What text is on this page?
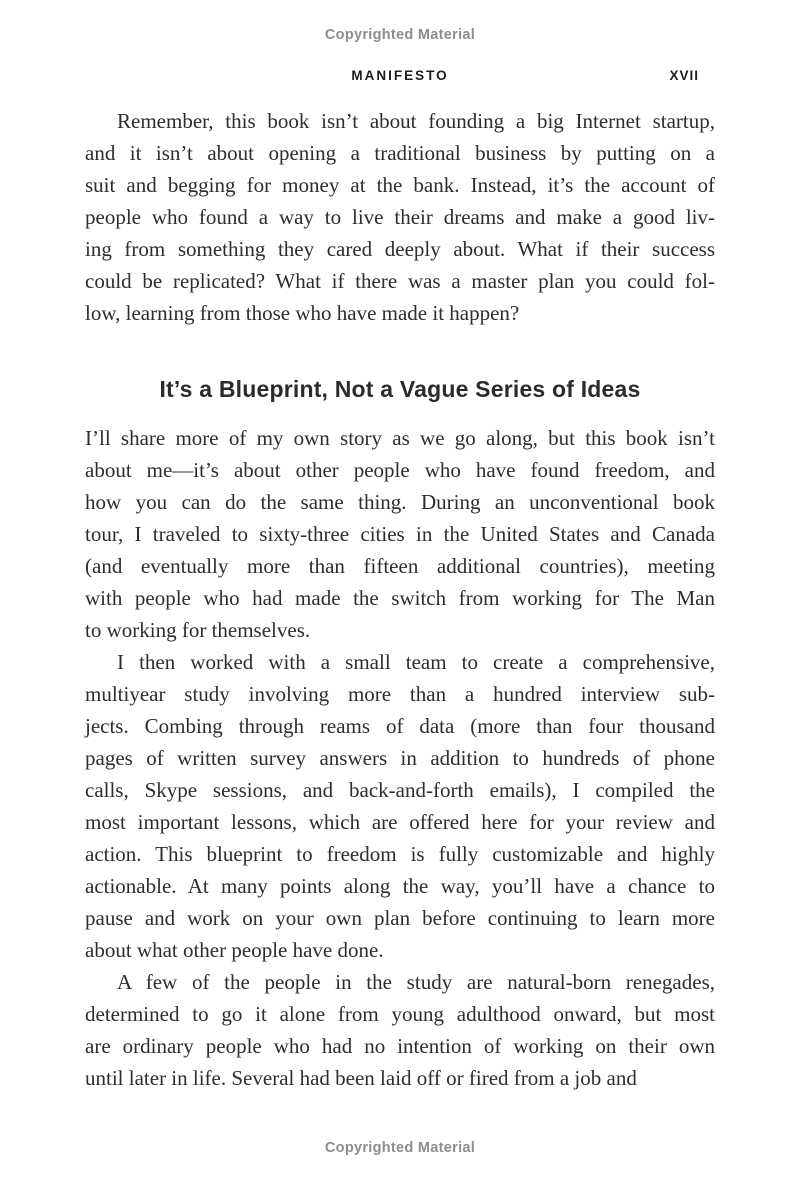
Copyrighted Material
MANIFESTO	XVII
Remember, this book isn’t about founding a big Internet startup,
and it isn’t about opening a traditional business by putting on a
suit and begging for money at the bank. Instead, it’s the account of
people who found a way to live their dreams and make a good liv-
ing from something they cared deeply about. What if their success
could be replicated? What if there was a master plan you could fol-
low, learning from those who have made it happen?
It’s a Blueprint, Not a Vague Series of Ideas
I’ll share more of my own story as we go along, but this book isn’t
about me—it’s about other people who have found freedom, and
how you can do the same thing. During an unconventional book
tour, I traveled to sixty-three cities in the United States and Canada
(and eventually more than fifteen additional countries), meeting
with people who had made the switch from working for The Man
to working for themselves.
I then worked with a small team to create a comprehensive,
multiyear study involving more than a hundred interview sub-
jects. Combing through reams of data (more than four thousand
pages of written survey answers in addition to hundreds of phone
calls, Skype sessions, and back-and-forth emails), I compiled the
most important lessons, which are offered here for your review and
action. This blueprint to freedom is fully customizable and highly
actionable. At many points along the way, you’ll have a chance to
pause and work on your own plan before continuing to learn more
about what other people have done.
A few of the people in the study are natural-born renegades,
determined to go it alone from young adulthood onward, but most
are ordinary people who had no intention of working on their own
until later in life. Several had been laid off or fired from a job and
Copyrighted Material
